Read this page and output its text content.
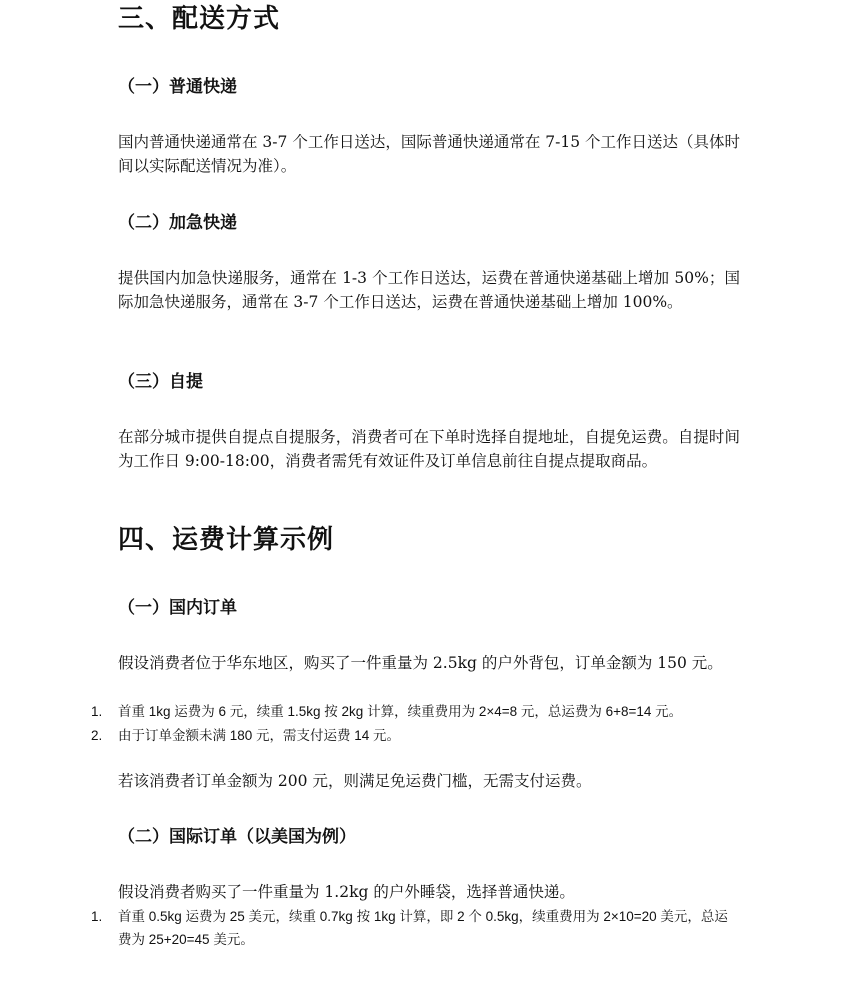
三、配送方式
（一）普通快递

国内普通快递通常在 3-7 个工作日送达，国际普通快递通常在 7-15 个工作日送达（具体时间以实际配送情况为准）。

（二）加急快递

提供国内加急快递服务，通常在 1-3 个工作日送达，运费在普通快递基础上增加 50%；国际加急快递服务，通常在 3-7 个工作日送达，运费在普通快递基础上增加 100%。

（三）自提

在部分城市提供自提点自提服务，消费者可在下单时选择自提地址，自提免运费。自提时间为工作日 9:00-18:00，消费者需凭有效证件及订单信息前往自提点提取商品。

四、运费计算示例
（一）国内订单

假设消费者位于华东地区，购买了一件重量为 2.5kg 的户外背包，订单金额为 150 元。

1. 首重 1kg 运费为 6 元，续重 1.5kg 按 2kg 计算，续重费用为 2×4=8 元，总运费为 6+8=14 元。
2. 由于订单金额未满 180 元，需支付运费 14 元。

若该消费者订单金额为 200 元，则满足免运费门槛，无需支付运费。

（二）国际订单（以美国为例）

假设消费者购买了一件重量为 1.2kg 的户外睡袋，选择普通快递。

1. 首重 0.5kg 运费为 25 美元，续重 0.7kg 按 1kg 计算，即 2 个 0.5kg，续重费用为 2×10=20 美元，总运费为 25+20=45 美元。
